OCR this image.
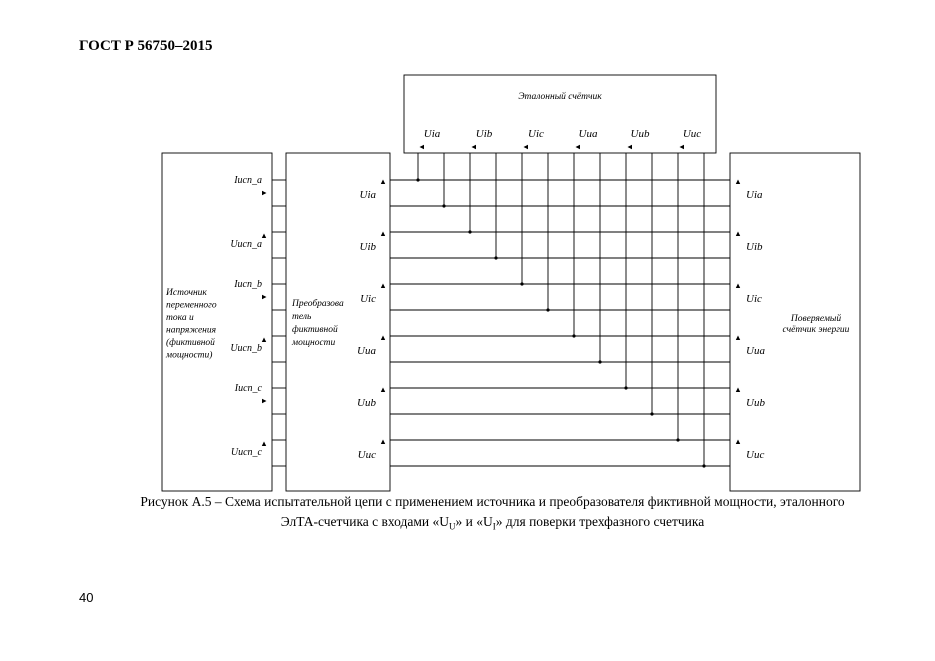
ГОСТ Р 56750–2015
Эталонный счётчик
Uia	Uib	Uic	Uua	Uub	Uuc
Iисп_a
Uисп_a
Iисп_b
Uисп_b
Iисп_c
Uисп_c
Источник
переменного
тока и
напряжения
(фиктивной
мощности)
Uia
Uib
Uic
Uua
Uub
Uuc
Преобразова
тель
фиктивной
мощности
Uia
Uib
Uic
Uua
Uub
Uuc
Поверяемый
счётчик энергии
Рисунок А.5 – Схема испытательной цепи с применением источника и преобразователя фиктивной мощности, эталонного
ЭлТА-счетчика с входами «$U_U$» и «$U_I$» для поверки трехфазного счетчика
40
